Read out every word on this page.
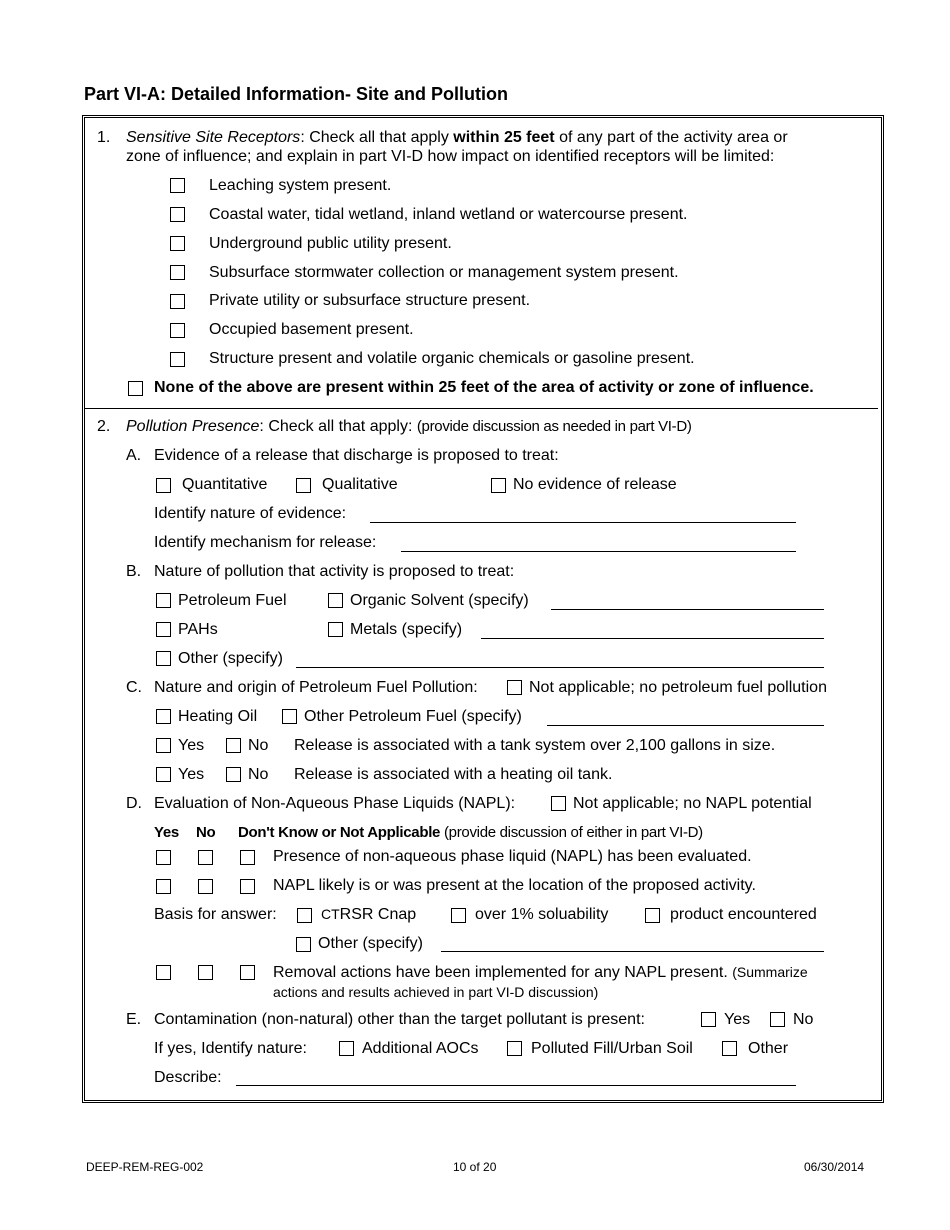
Part VI-A: Detailed Information- Site and Pollution
1. Sensitive Site Receptors: Check all that apply within 25 feet of any part of the activity area or
zone of influence; and explain in part VI-D how impact on identified receptors will be limited:
Leaching system present.
Coastal water, tidal wetland, inland wetland or watercourse present.
Underground public utility present.
Subsurface stormwater collection or management system present.
Private utility or subsurface structure present.
Occupied basement present.
Structure present and volatile organic chemicals or gasoline present.
None of the above are present within 25 feet of the area of activity or zone of influence.
2. Pollution Presence: Check all that apply: (provide discussion as needed in part VI-D)
A. Evidence of a release that discharge is proposed to treat:
Quantitative	Qualitative	No evidence of release
Identify nature of evidence:
Identify mechanism for release:
B. Nature of pollution that activity is proposed to treat:
Petroleum Fuel	Organic Solvent (specify)
PAHs	Metals (specify)
Other (specify)
C. Nature and origin of Petroleum Fuel Pollution:	Not applicable; no petroleum fuel pollution
Heating Oil	Other Petroleum Fuel (specify)
Yes	No Release is associated with a tank system over 2,100 gallons in size.
Yes	No Release is associated with a heating oil tank.
D. Evaluation of Non-Aqueous Phase Liquids (NAPL):	Not applicable; no NAPL potential
Yes No Don't Know or Not Applicable (provide discussion of either in part VI-D)
Presence of non-aqueous phase liquid (NAPL) has been evaluated.
NAPL likely is or was present at the location of the proposed activity.
Basis for answer:	CTRSR Cnap	over 1% soluability	product encountered
Other (specify)
Removal actions have been implemented for any NAPL present. (Summarize
actions and results achieved in part VI-D discussion)
E. Contamination (non-natural) other than the target pollutant is present:	Yes	No
If yes, Identify nature:	Additional AOCs	Polluted Fill/Urban Soil	Other
Describe:
DEEP-REM-REG-002	10 of 20	06/30/2014
